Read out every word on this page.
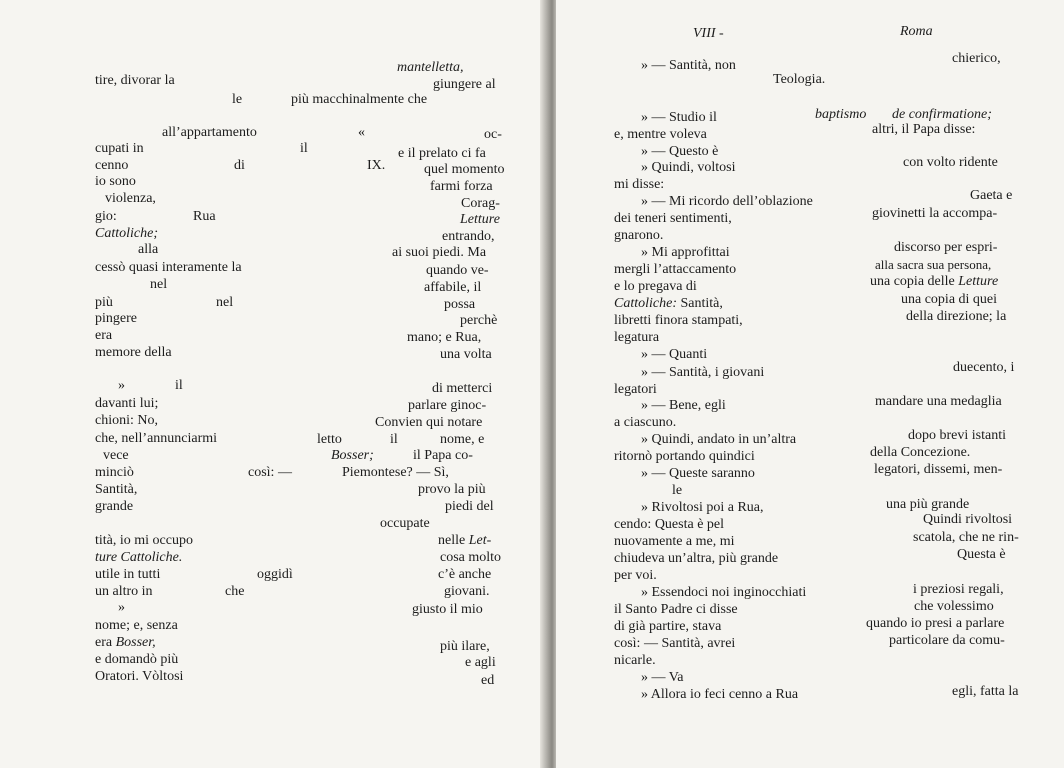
mantelletta,
tire, divorar la	giungere al
le	più macchinalmente che
all’appartamento	«	oc-
cupati in	il	e il prelato ci fa
cenno	di	IX.	quel momento
io sono	farmi forza
violenza,	Corag-
gio:	Rua	Letture
Cattoliche;	entrando,
alla	ai suoi piedi. Ma
cessò quasi interamente la	quando ve-
nel	affabile, il
più	nel	possa
pingere	perchè
era	mano; e Rua,
memore della	una volta
»	il	di metterci
davanti lui;	parlare ginoc-
chioni: No,	Convien qui notare
che, nell’annunciarmi	letto	il	nome, e
vece	Bosser;	il Papa co-
minciò	così: —	Piemontese? — Sì,
Santità,	provo la più
grande	piedi del
occupate
tità, io mi occupo	nelle Let-
ture Cattoliche.	cosa molto
utile in tutti	oggidì	c’è anche
un altro in	che	giovani.
»	giusto il mio
nome; e, senza
era Bosser,	più ilare,
e domandò più	e agli
Oratori. Vòltosi	ed
VIII -	Roma
» — Santità, non	chierico,
Teologia.
» — Studio il	baptismo de confirmatione;
e, mentre voleva	altri, il Papa disse:
» — Questo è
» Quindi, voltosi	con volto ridente
mi disse:
» — Mi ricordo dell’oblazione	Gaeta e
dei teneri sentimenti,	giovinetti la accompa-
gnarono.
» Mi approfittai	discorso per espri-
mergli l’attaccamento	alla sacra sua persona,
e lo pregava di	una copia delle Letture
Cattoliche: Santità,	una copia di quei
libretti finora stampati,	della direzione; la
legatura
» — Quanti
duecento, i
» — Santità, i giovani
legatori
» — Bene, egli	mandare una medaglia
a ciascuno.
» Quindi, andato in un’altra	dopo brevi istanti
ritornò portando quindici	della Concezione.
» — Queste saranno	legatori, dissemi, men-
le
» Rivoltosi poi a Rua,	una più grande
cendo: Questa è pel	Quindi rivoltosi
nuovamente a me, mi	scatola, che ne rin-
chiudeva un’altra, più grande	Questa è
per voi.
» Essendoci noi inginocchiati	i preziosi regali,
il Santo Padre ci disse	che volessimo
di già partire, stava	quando io presi a parlare
così: — Santità, avrei	particolare da comu-
nicarle.
» — Va
» Allora io feci cenno a Rua	egli, fatta la
